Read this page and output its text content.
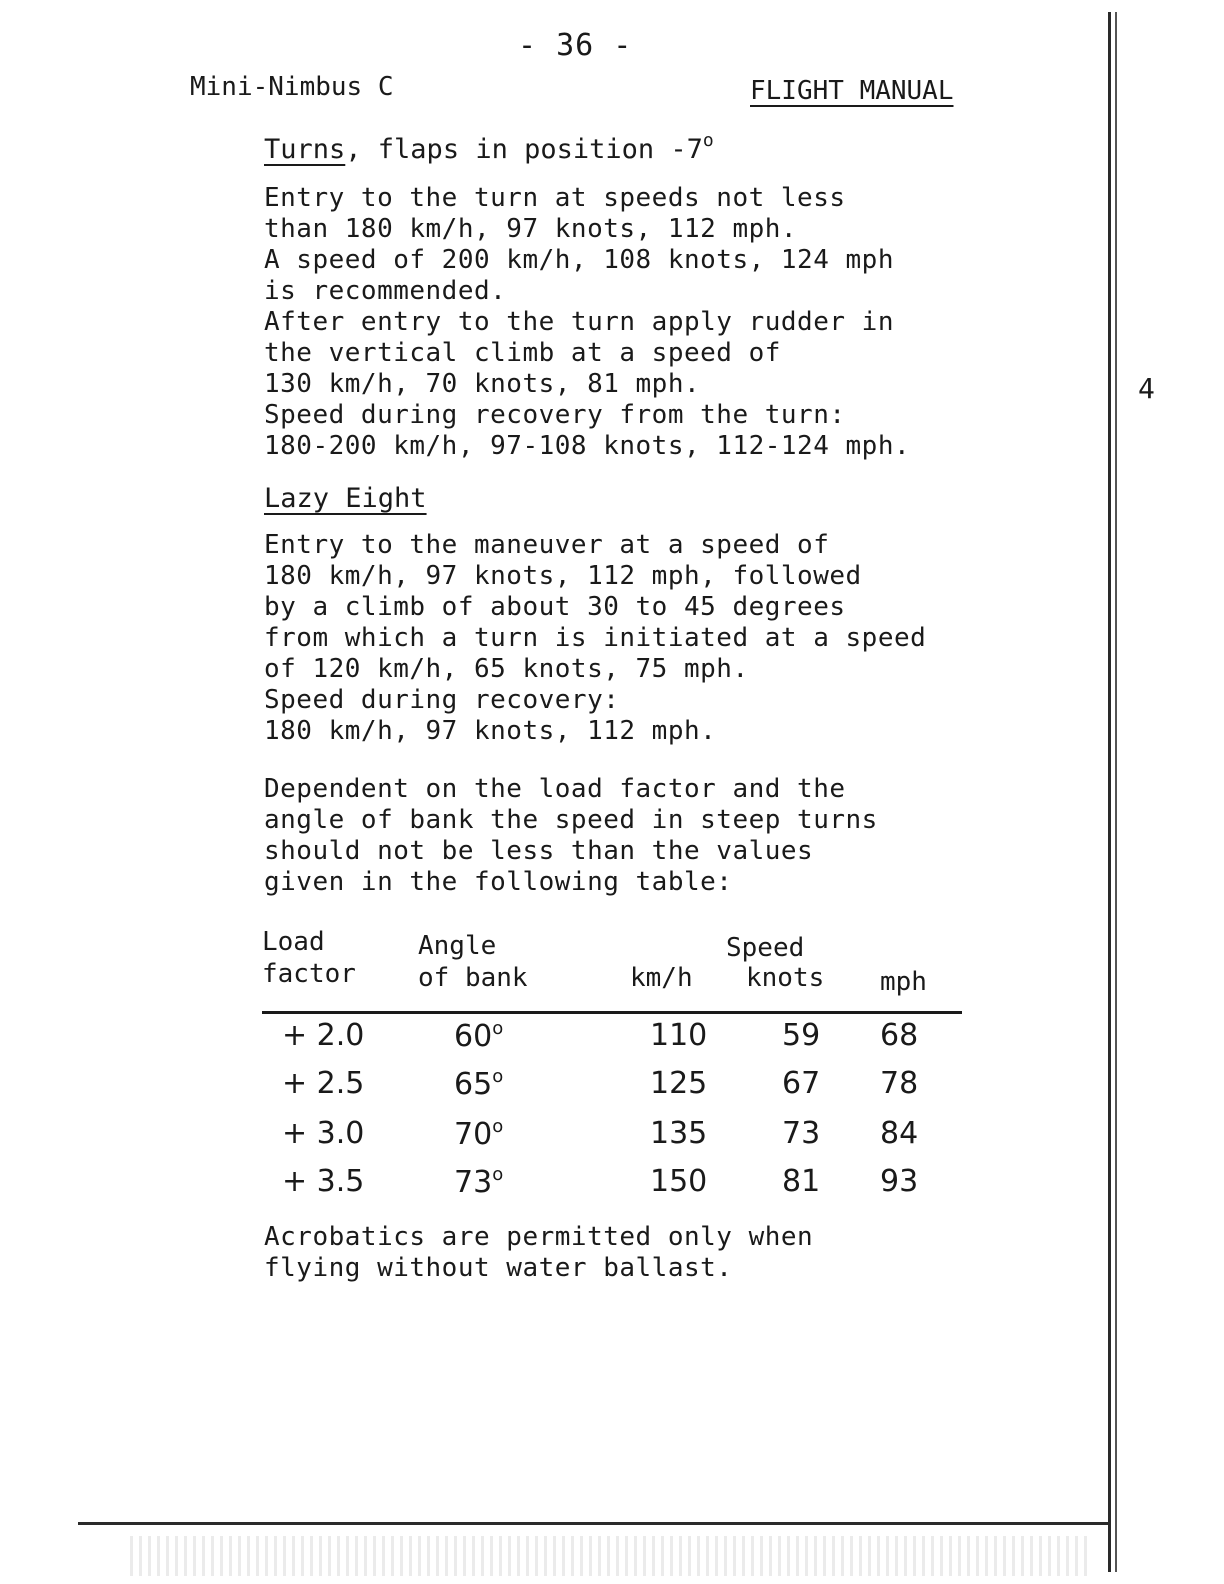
- 36 -
Mini-Nimbus C	FLIGHT MANUAL
Turns, flaps in position -7$^o$
Entry to the turn at speeds not less
than 180 km/h, 97 knots, 112 mph.
A speed of 200 km/h, 108 knots, 124 mph
is recommended.
After entry to the turn apply rudder in
the vertical climb at a speed of
130 km/h, 70 knots, 81 mph.
Speed during recovery from the turn:
180-200 km/h, 97-108 knots, 112-124 mph.
Lazy Eight
Entry to the maneuver at a speed of
180 km/h, 97 knots, 112 mph, followed
by a climb of about 30 to 45 degrees
from which a turn is initiated at a speed
of 120 km/h, 65 knots, 75 mph.
Speed during recovery:
180 km/h, 97 knots, 112 mph.
Dependent on the load factor and the
angle of bank the speed in steep turns
should not be less than the values
given in the following table:
Load
factor
Angle
of bank
Speed
km/h knots mph
+ 2.0	60$^o$	110 59 68
+ 2.5	65$^o$	125 67 78
+ 3.0	70$^o$	135 73 84
+ 3.5	73$^o$	150 81 93
Acrobatics are permitted only when
flying without water ballast.
4
